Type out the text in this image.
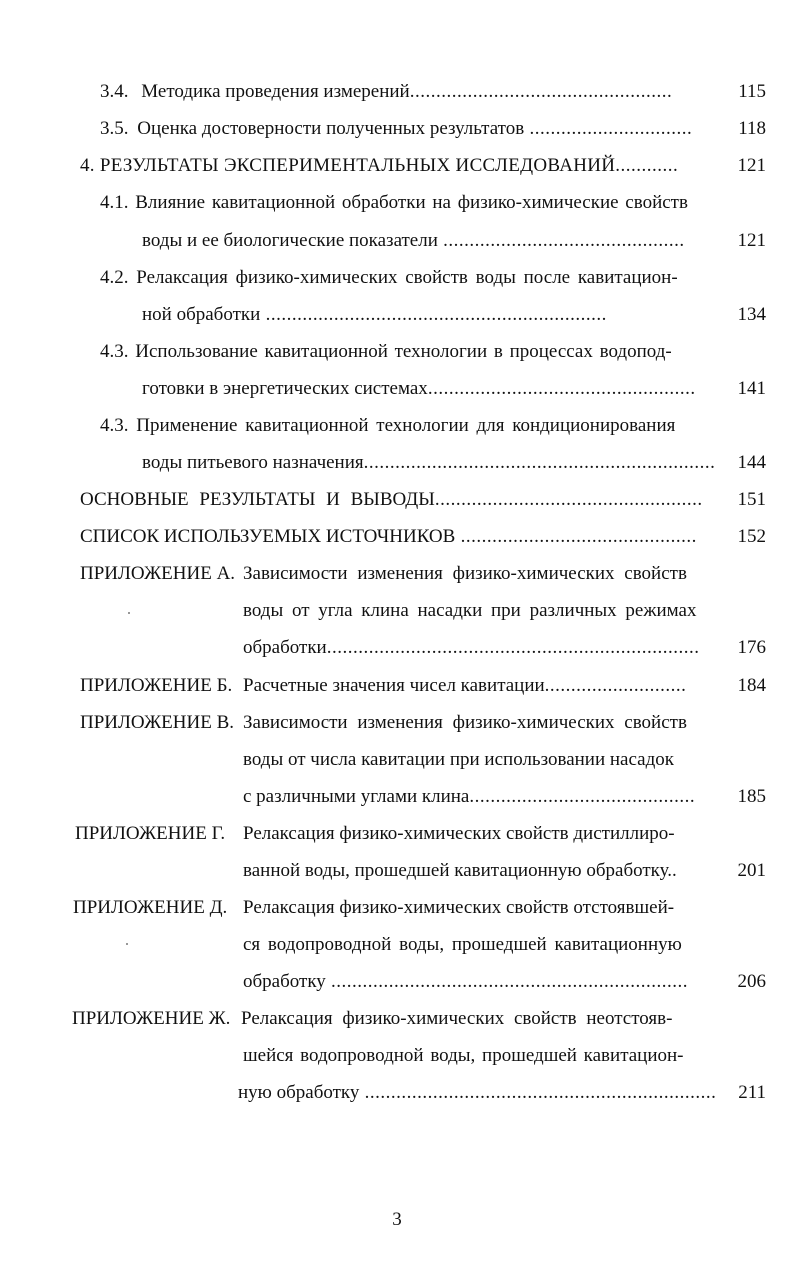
3.4. Методика проведения измерений..................................................	115
3.5. Оценка достоверности полученных результатов ...............................	118
4. РЕЗУЛЬТАТЫ ЭКСПЕРИМЕНТАЛЬНЫХ ИССЛЕДОВАНИЙ............	121
4.1. Влияние кавитационной обработки на физико-химические свойств
воды и ее биологические показатели ..............................................	121
4.2. Релаксация физико-химических свойств воды после кавитацион-
ной обработки .................................................................	134
4.3. Использование кавитационной технологии в процессах водопод-
готовки в энергетических системах...................................................	141
4.3. Применение кавитационной технологии для кондиционирования
воды питьевого назначения...................................................................	144
ОСНОВНЫЕ РЕЗУЛЬТАТЫ И ВЫВОДЫ...................................................	151
СПИСОК ИСПОЛЬЗУЕМЫХ ИСТОЧНИКОВ .............................................	152
ПРИЛОЖЕНИЕ А. Зависимости изменения физико-химических свойств
воды от угла клина насадки при различных режимах
обработки.......................................................................	176
ПРИЛОЖЕНИЕ Б. Расчетные значения чисел кавитации...........................	184
ПРИЛОЖЕНИЕ В. Зависимости изменения физико-химических свойств
воды от числа кавитации при использовании насадок
с различными углами клина...........................................	185
ПРИЛОЖЕНИЕ Г. Релаксация физико-химических свойств дистиллиро-
ванной воды, прошедшей кавитационную обработку..	201
ПРИЛОЖЕНИЕ Д. Релаксация физико-химических свойств отстоявшей-
ся водопроводной воды, прошедшей кавитационную
обработку ....................................................................	206
ПРИЛОЖЕНИЕ Ж. Релаксация физико-химических свойств неотстояв-
шейся водопроводной воды, прошедшей кавитацион-
ную обработку ...................................................................	211
3
